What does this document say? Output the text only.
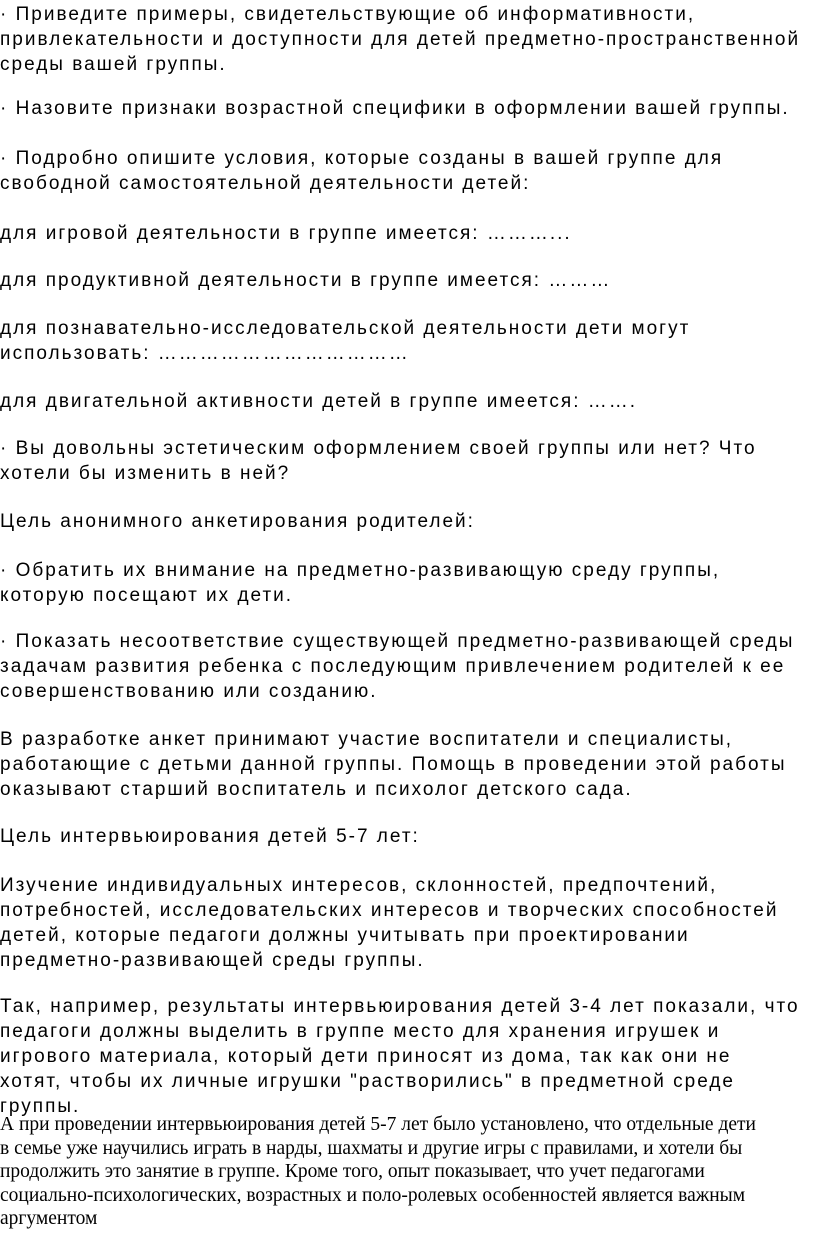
· Приведите примеры, свидетельствующие об информативности,
привлекательности и доступности для детей предметно-пространственной
среды вашей группы.

· Назовите признаки возрастной специфики в оформлении вашей группы.

· Подробно опишите условия, которые созданы в вашей группе для
свободной самостоятельной деятельности детей:

для игровой деятельности в группе имеется: ………...

для продуктивной деятельности в группе имеется: ………

для познавательно-исследовательской деятельности дети могут
использовать: ………………………………

для двигательной активности детей в группе имеется: …….

· Вы довольны эстетическим оформлением своей группы или нет? Что
хотели бы изменить в ней?

Цель анонимного анкетирования родителей:

· Обратить их внимание на предметно-развивающую среду группы,
которую посещают их дети.

· Показать несоответствие существующей предметно-развивающей среды
задачам развития ребенка с последующим привлечением родителей к ее
совершенствованию или созданию.

В разработке анкет принимают участие воспитатели и специалисты,
работающие с детьми данной группы. Помощь в проведении этой работы
оказывают старший воспитатель и психолог детского сада.

Цель интервьюирования детей 5-7 лет:

Изучение индивидуальных интересов, склонностей, предпочтений,
потребностей, исследовательских интересов и творческих способностей
детей, которые педагоги должны учитывать при проектировании
предметно-развивающей среды группы.

Так, например, результаты интервьюирования детей 3-4 лет показали, что
педагоги должны выделить в группе место для хранения игрушек и
игрового материала, который дети приносят из дома, так как они не
хотят, чтобы их личные игрушки "растворились" в предметной среде
группы.

А при проведении интервьюирования детей 5-7 лет было установлено, что отдельные дети
в семье уже научились играть в нарды, шахматы и другие игры с правилами, и хотели бы
продолжить это занятие в группе. Кроме того, опыт показывает, что учет педагогами
социально-психологических, возрастных и поло-ролевых особенностей является важным
аргументом
